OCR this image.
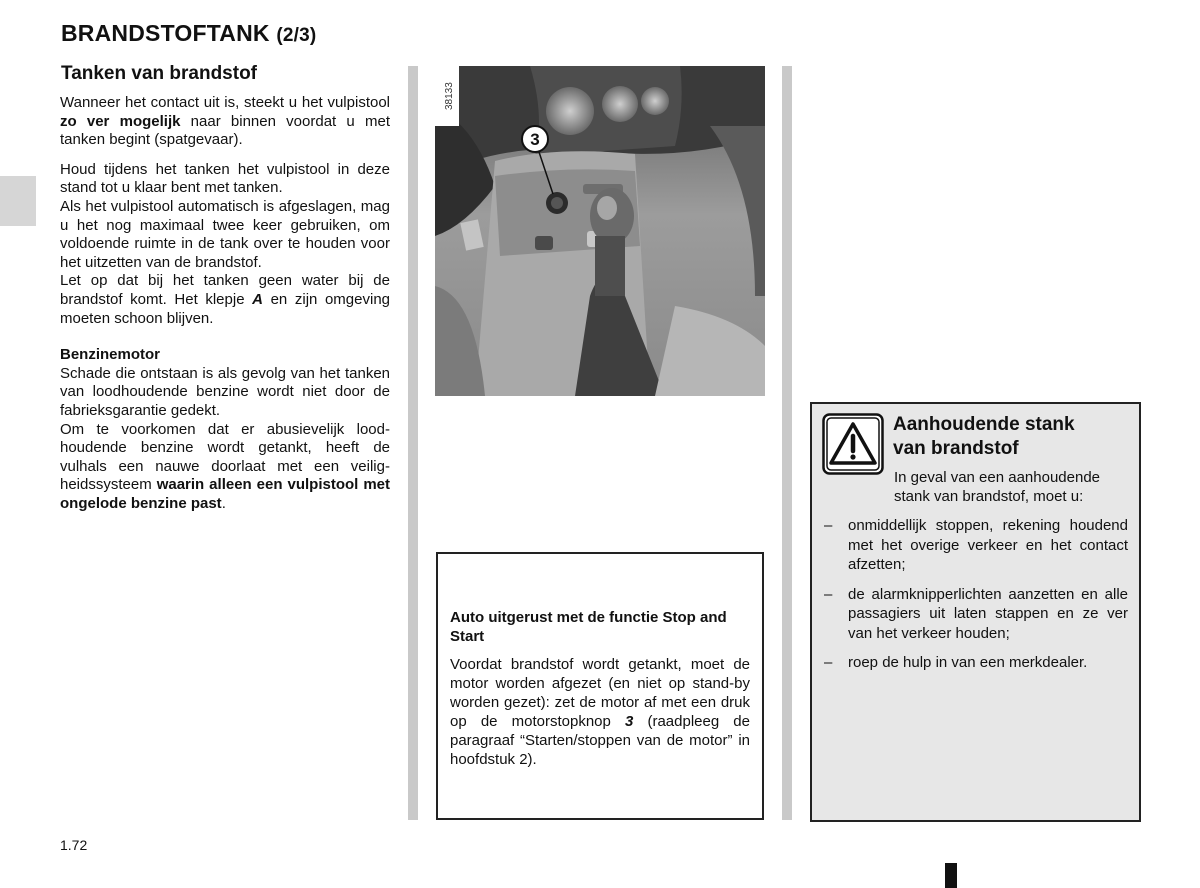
BRANDSTOFTANK (2/3)
Tanken van brandstof

Wanneer het contact uit is, steekt u het vulpistool zo ver mogelijk naar binnen voordat u met tanken begint (spatgevaar).

Houd tijdens het tanken het vulpistool in deze stand tot u klaar bent met tanken.

Als het vulpistool automatisch is afgeslagen, mag u het nog maximaal twee keer gebruiken, om voldoende ruimte in de tank over te houden voor het uitzetten van de brandstof.

Let op dat bij het tanken geen water bij de brandstof komt. Het klepje A en zijn omgeving moeten schoon blijven.

Benzinemotor

Schade die ontstaan is als gevolg van het tanken van loodhoudende benzine wordt niet door de fabrieksgarantie gedekt.

Om te voorkomen dat er abusievelijk loodhoudende benzine wordt getankt, heeft de vulhals een nauwe doorlaat met een veiligheidssysteem waarin alleen een vulpistool met ongelode benzine past.

3
38133
Auto uitgerust met de functie Stop and Start
Voordat brandstof wordt getankt, moet de motor worden afgezet (en niet op stand-by worden gezet): zet de motor af met een druk op de motorstopknop 3 (raadpleeg de paragraaf “Starten/stoppen van de motor” in hoofdstuk 2).
Aanhoudende stank
van brandstof
In geval van een aanhoudende stank van brandstof, moet u:
– onmiddellijk stoppen, rekening houdend met het overige verkeer en het contact afzetten;
– de alarmknipperlichten aanzetten en alle passagiers uit laten stappen en ze ver van het verkeer houden;
– roep de hulp in van een merkdealer.
1.72
